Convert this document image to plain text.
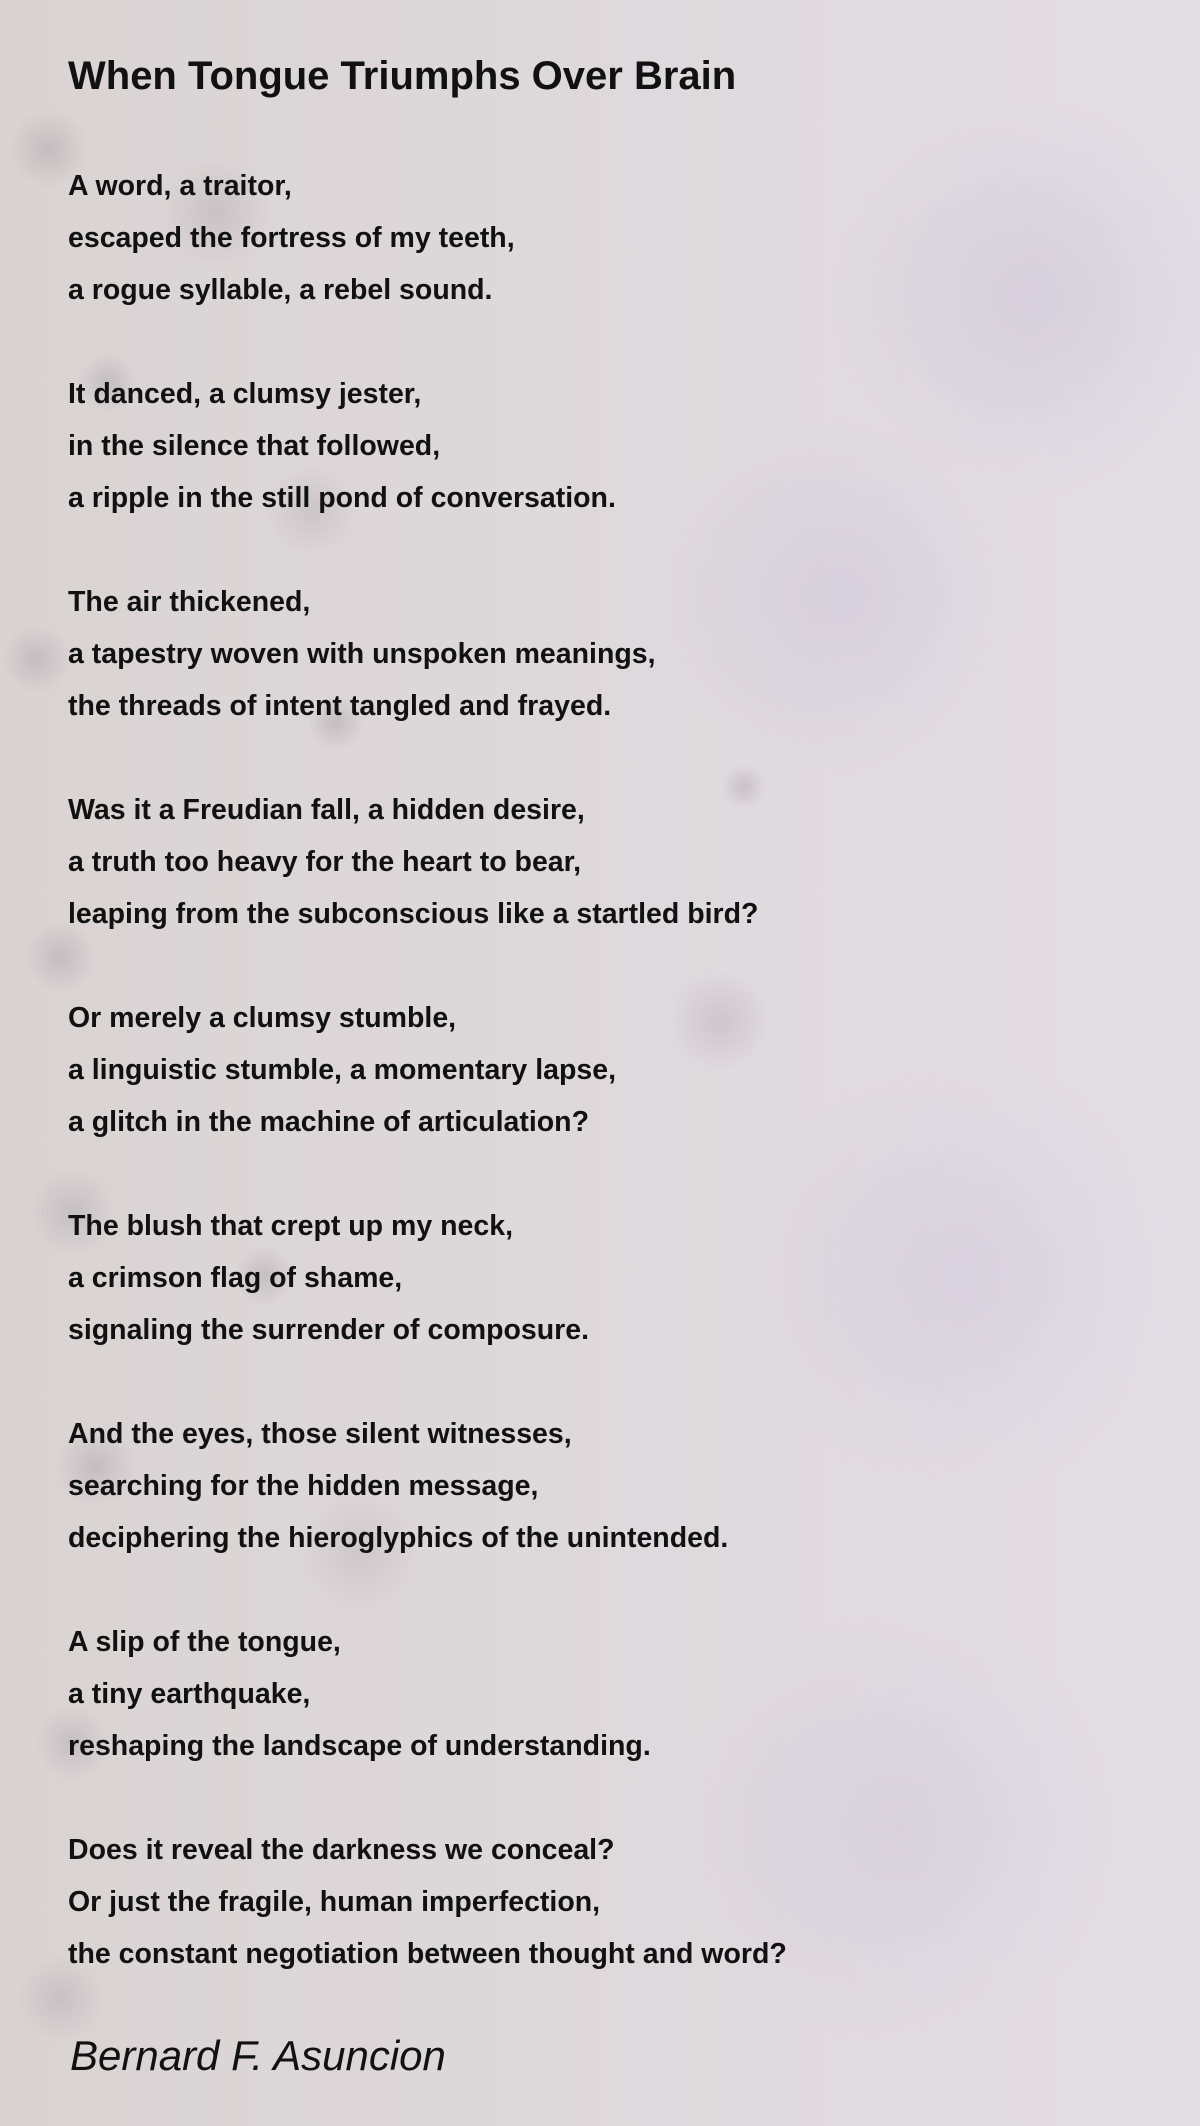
When Tongue Triumphs Over Brain

A word, a traitor,
escaped the fortress of my teeth,
a rogue syllable, a rebel sound.

It danced, a clumsy jester,
in the silence that followed,
a ripple in the still pond of conversation.

The air thickened,
a tapestry woven with unspoken meanings,
the threads of intent tangled and frayed.

Was it a Freudian fall, a hidden desire,
a truth too heavy for the heart to bear,
leaping from the subconscious like a startled bird?

Or merely a clumsy stumble,
a linguistic stumble, a momentary lapse,
a glitch in the machine of articulation?

The blush that crept up my neck,
a crimson flag of shame,
signaling the surrender of composure.

And the eyes, those silent witnesses,
searching for the hidden message,
deciphering the hieroglyphics of the unintended.

A slip of the tongue,
a tiny earthquake,
reshaping the landscape of understanding.

Does it reveal the darkness we conceal?
Or just the fragile, human imperfection,
the constant negotiation between thought and word?

Bernard F. Asuncion
